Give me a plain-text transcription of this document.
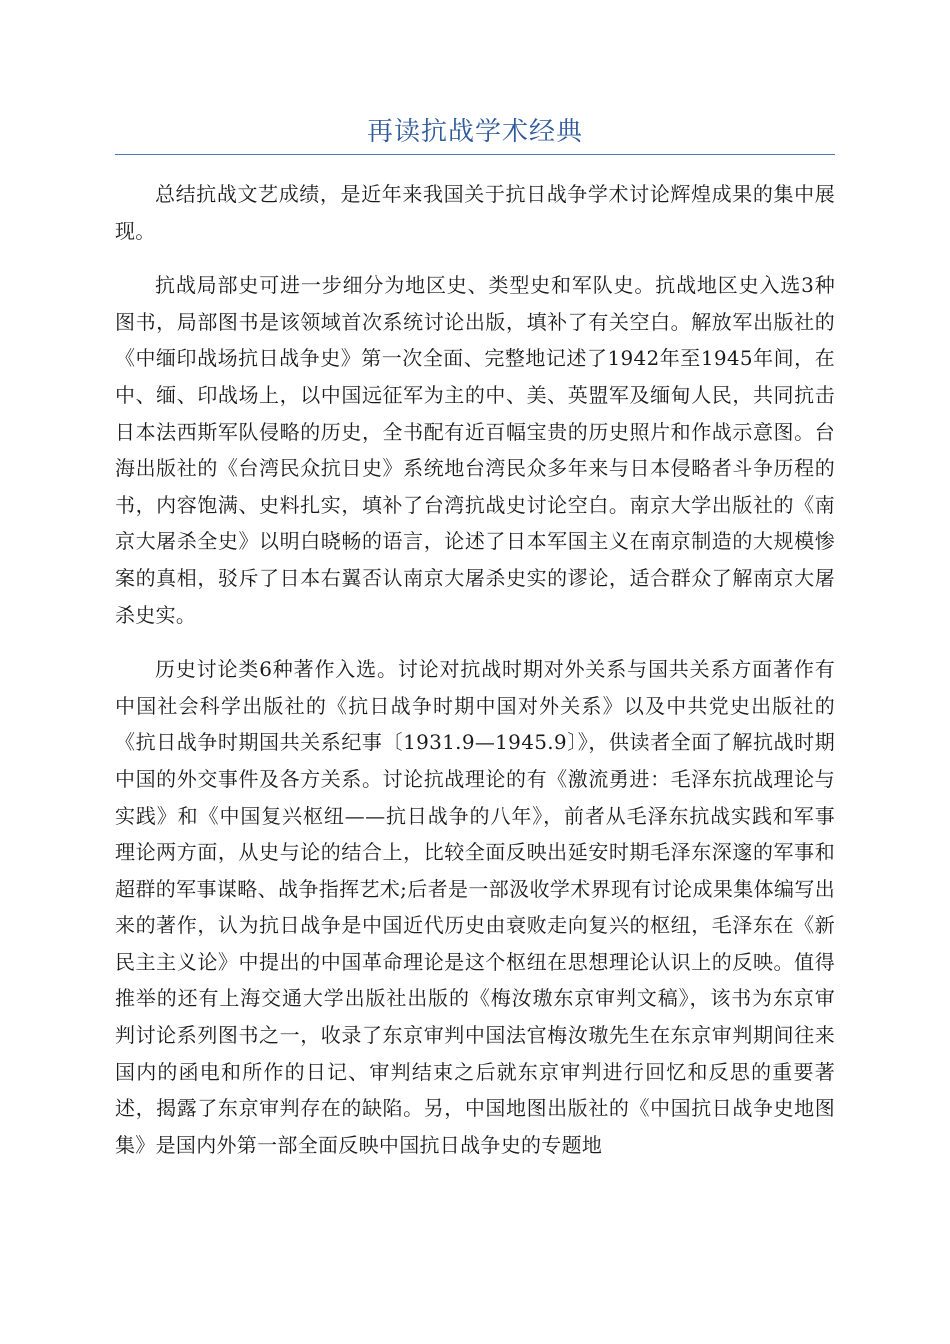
再读抗战学术经典

总结抗战文艺成绩，是近年来我国关于抗日战争学术讨论辉煌成果的集中展现。

抗战局部史可进一步细分为地区史、类型史和军队史。抗战地区史入选3种图书，局部图书是该领域首次系统讨论出版，填补了有关空白。解放军出版社的《中缅印战场抗日战争史》第一次全面、完整地记述了1942年至1945年间，在中、缅、印战场上，以中国远征军为主的中、美、英盟军及缅甸人民，共同抗击日本法西斯军队侵略的历史，全书配有近百幅宝贵的历史照片和作战示意图。台海出版社的《台湾民众抗日史》系统地台湾民众多年来与日本侵略者斗争历程的书，内容饱满、史料扎实，填补了台湾抗战史讨论空白。南京大学出版社的《南京大屠杀全史》以明白晓畅的语言，论述了日本军国主义在南京制造的大规模惨案的真相，驳斥了日本右翼否认南京大屠杀史实的谬论，适合群众了解南京大屠杀史实。

历史讨论类6种著作入选。讨论对抗战时期对外关系与国共关系方面著作有中国社会科学出版社的《抗日战争时期中国对外关系》以及中共党史出版社的《抗日战争时期国共关系纪事〔1931.9—1945.9〕》，供读者全面了解抗战时期中国的外交事件及各方关系。讨论抗战理论的有《激流勇进：毛泽东抗战理论与实践》和《中国复兴枢纽——抗日战争的八年》，前者从毛泽东抗战实践和军事理论两方面，从史与论的结合上，比较全面反映出延安时期毛泽东深邃的军事和超群的军事谋略、战争指挥艺术;后者是一部汲收学术界现有讨论成果集体编写出来的著作，认为抗日战争是中国近代历史由衰败走向复兴的枢纽，毛泽东在《新民主主义论》中提出的中国革命理论是这个枢纽在思想理论认识上的反映。值得推举的还有上海交通大学出版社出版的《梅汝璈东京审判文稿》，该书为东京审判讨论系列图书之一，收录了东京审判中国法官梅汝璈先生在东京审判期间往来国内的函电和所作的日记、审判结束之后就东京审判进行回忆和反思的重要著述，揭露了东京审判存在的缺陷。另，中国地图出版社的《中国抗日战争史地图集》是国内外第一部全面反映中国抗日战争史的专题地
